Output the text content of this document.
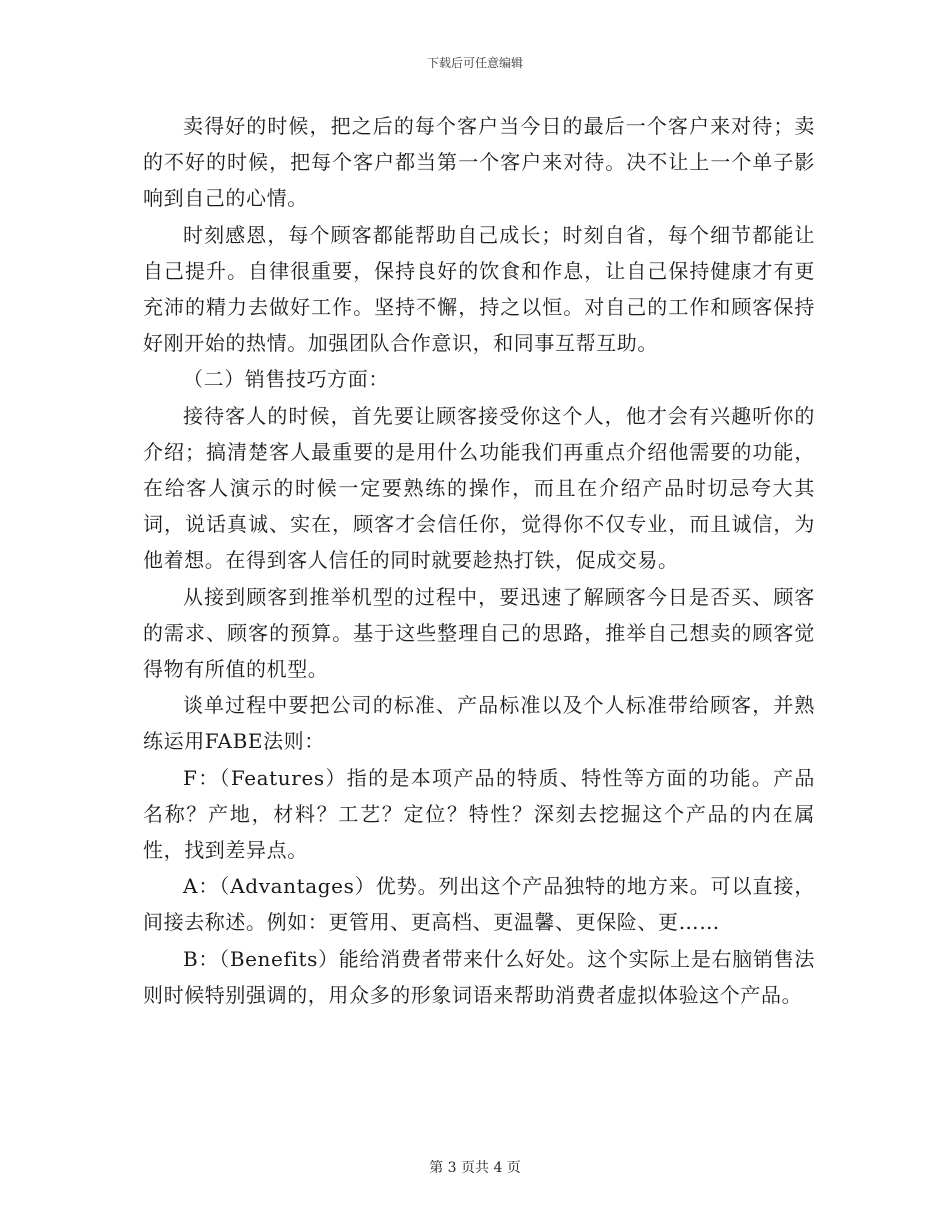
下载后可任意编辑

卖得好的时候，把之后的每个客户当今日的最后一个客户来对待；卖的不好的时候，把每个客户都当第一个客户来对待。决不让上一个单子影响到自己的心情。

时刻感恩，每个顾客都能帮助自己成长；时刻自省，每个细节都能让自己提升。自律很重要，保持良好的饮食和作息，让自己保持健康才有更充沛的精力去做好工作。坚持不懈，持之以恒。对自己的工作和顾客保持好刚开始的热情。加强团队合作意识，和同事互帮互助。

（二）销售技巧方面：

接待客人的时候，首先要让顾客接受你这个人，他才会有兴趣听你的介绍；搞清楚客人最重要的是用什么功能我们再重点介绍他需要的功能，在给客人演示的时候一定要熟练的操作，而且在介绍产品时切忌夸大其词，说话真诚、实在，顾客才会信任你，觉得你不仅专业，而且诚信，为他着想。在得到客人信任的同时就要趁热打铁，促成交易。

从接到顾客到推举机型的过程中，要迅速了解顾客今日是否买、顾客的需求、顾客的预算。基于这些整理自己的思路，推举自己想卖的顾客觉得物有所值的机型。

谈单过程中要把公司的标准、产品标准以及个人标准带给顾客，并熟练运用FABE法则：

F：（Features）指的是本项产品的特质、特性等方面的功能。产品名称？产地，材料？工艺？定位？特性？深刻去挖掘这个产品的内在属性，找到差异点。

A：（Advantages）优势。列出这个产品独特的地方来。可以直接，间接去称述。例如：更管用、更高档、更温馨、更保险、更……

B：（Benefits）能给消费者带来什么好处。这个实际上是右脑销售法则时候特别强调的，用众多的形象词语来帮助消费者虚拟体验这个产品。

第 3 页共 4 页
